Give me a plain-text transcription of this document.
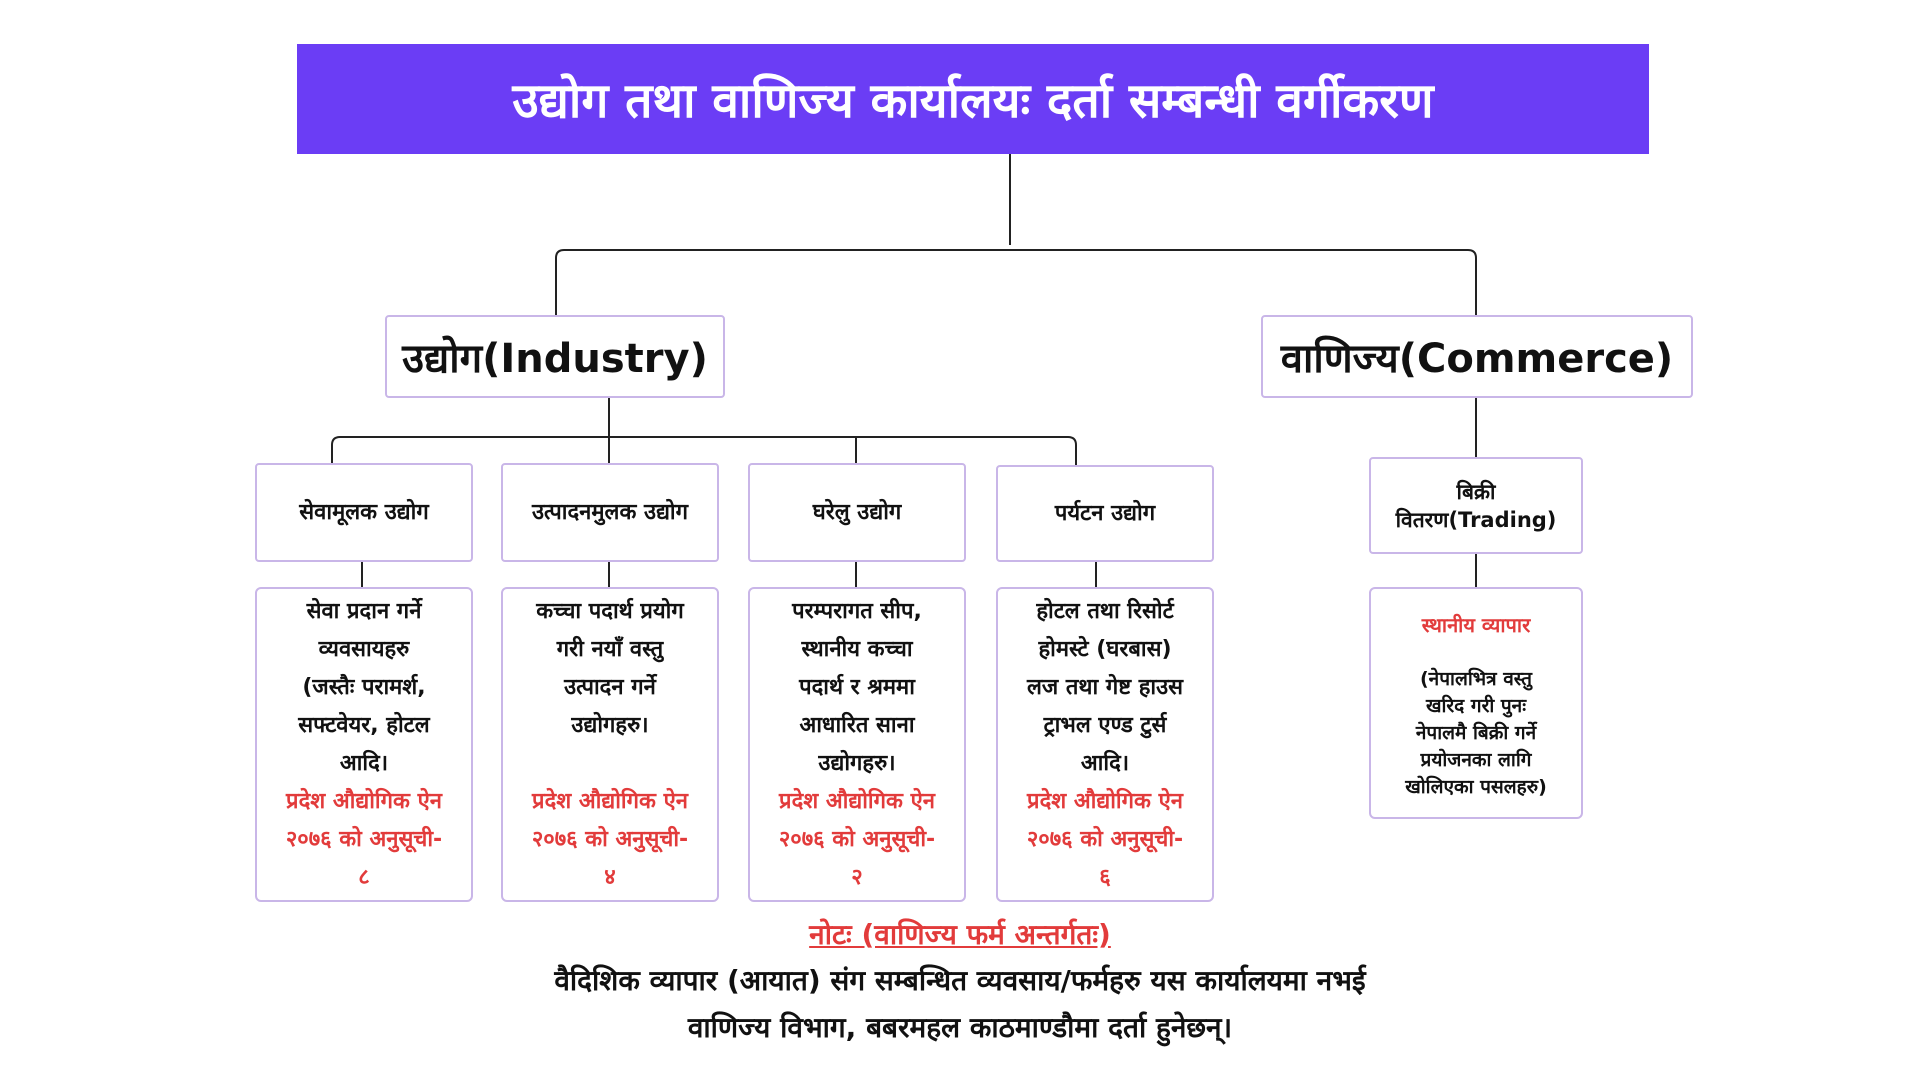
उद्योग तथा वाणिज्य कार्यालयः दर्ता सम्बन्धी वर्गीकरण
उद्योग(Industry)	वाणिज्य(Commerce)
सेवामूलक उद्योग	उत्पादनमुलक उद्योग	घरेलु उद्योग	पर्यटन उद्योग
सेवा प्रदान गर्ने
व्यवसायहरु
(जस्तैः परामर्श,
सफ्टवेयर, होटल
आदि।
प्रदेश औद्योगिक ऐन
२०७६ को अनुसूची-
८
कच्चा पदार्थ प्रयोग
गरी नयाँ वस्तु
उत्पादन गर्ने
उद्योगहरु।
प्रदेश औद्योगिक ऐन
२०७६ को अनुसूची-
४
परम्परागत सीप,
स्थानीय कच्चा
पदार्थ र श्रममा
आधारित साना
उद्योगहरु।
प्रदेश औद्योगिक ऐन
२०७६ को अनुसूची-
२
होटल तथा रिसोर्ट
होमस्टे (घरबास)
लज तथा गेष्ट हाउस
ट्राभल एण्ड टुर्स
आदि।
प्रदेश औद्योगिक ऐन
२०७६ को अनुसूची-
६
बिक्री
वितरण(Trading)
स्थानीय व्यापार
(नेपालभित्र वस्तु
खरिद गरी पुनः
नेपालमै बिक्री गर्ने
प्रयोजनका लागि
खोलिएका पसलहरु)
नोटः (वाणिज्य फर्म अन्तर्गतः)
वैदिशिक व्यापार (आयात) संग सम्बन्धित व्यवसाय/फर्महरु यस कार्यालयमा नभई
वाणिज्य विभाग, बबरमहल काठमाण्डौमा दर्ता हुनेछन्।
